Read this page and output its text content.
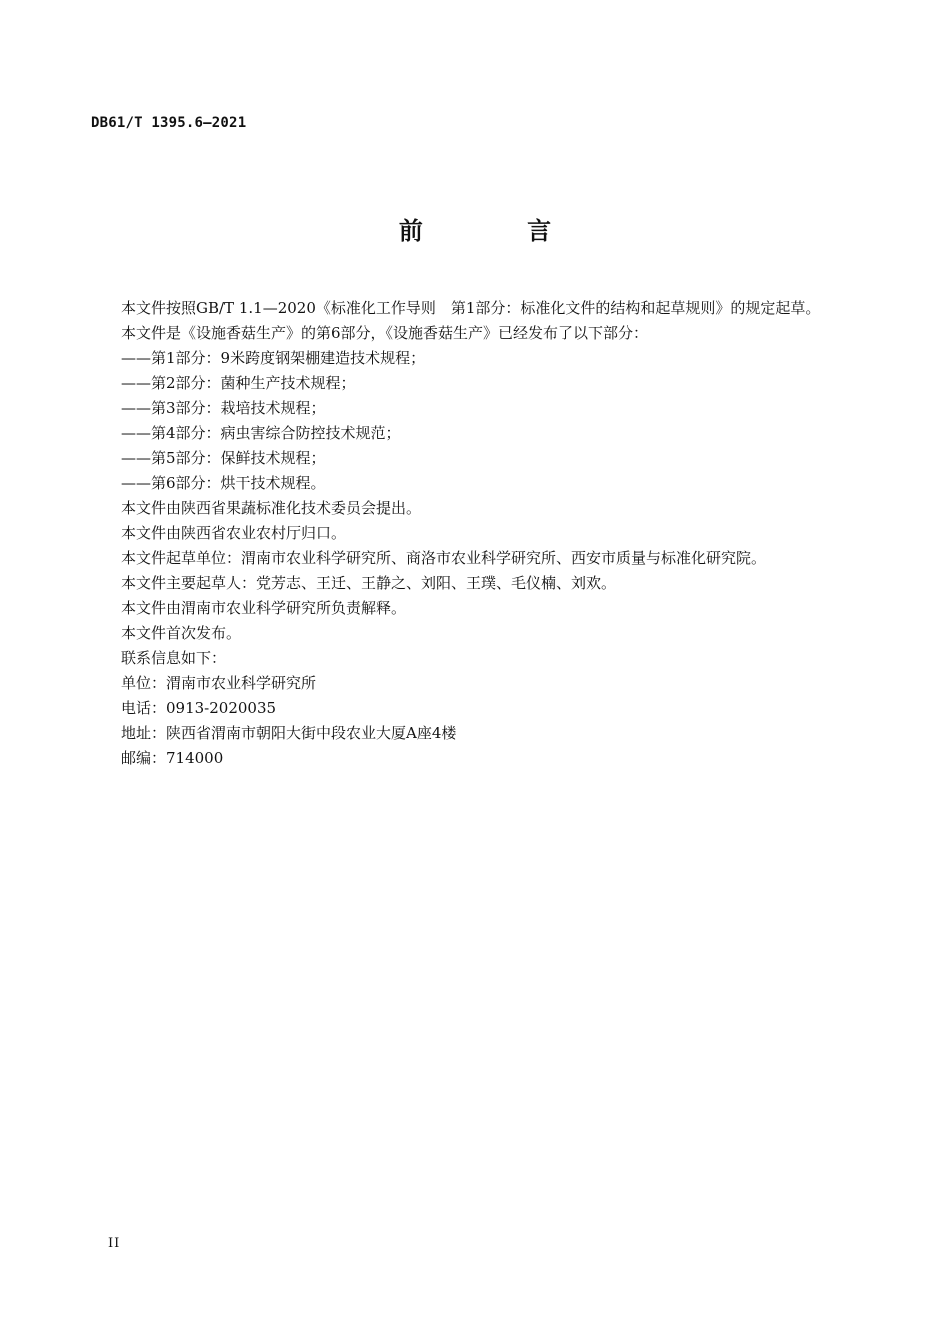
DB61/T 1395.6—2021
前 言

本文件按照GB/T 1.1—2020《标准化工作导则　第1部分：标准化文件的结构和起草规则》的规定起草。

本文件是《设施香菇生产》的第6部分，《设施香菇生产》已经发布了以下部分：

——第1部分：9米跨度钢架棚建造技术规程；

——第2部分：菌种生产技术规程；

——第3部分：栽培技术规程；

——第4部分：病虫害综合防控技术规范；

——第5部分：保鲜技术规程；

——第6部分：烘干技术规程。

本文件由陕西省果蔬标准化技术委员会提出。

本文件由陕西省农业农村厅归口。

本文件起草单位：渭南市农业科学研究所、商洛市农业科学研究所、西安市质量与标准化研究院。

本文件主要起草人：党芳志、王迁、王静之、刘阳、王璞、毛仪楠、刘欢。

本文件由渭南市农业科学研究所负责解释。

本文件首次发布。

联系信息如下：

单位：渭南市农业科学研究所

电话：0913-2020035

地址：陕西省渭南市朝阳大街中段农业大厦A座4楼

邮编：714000

II
